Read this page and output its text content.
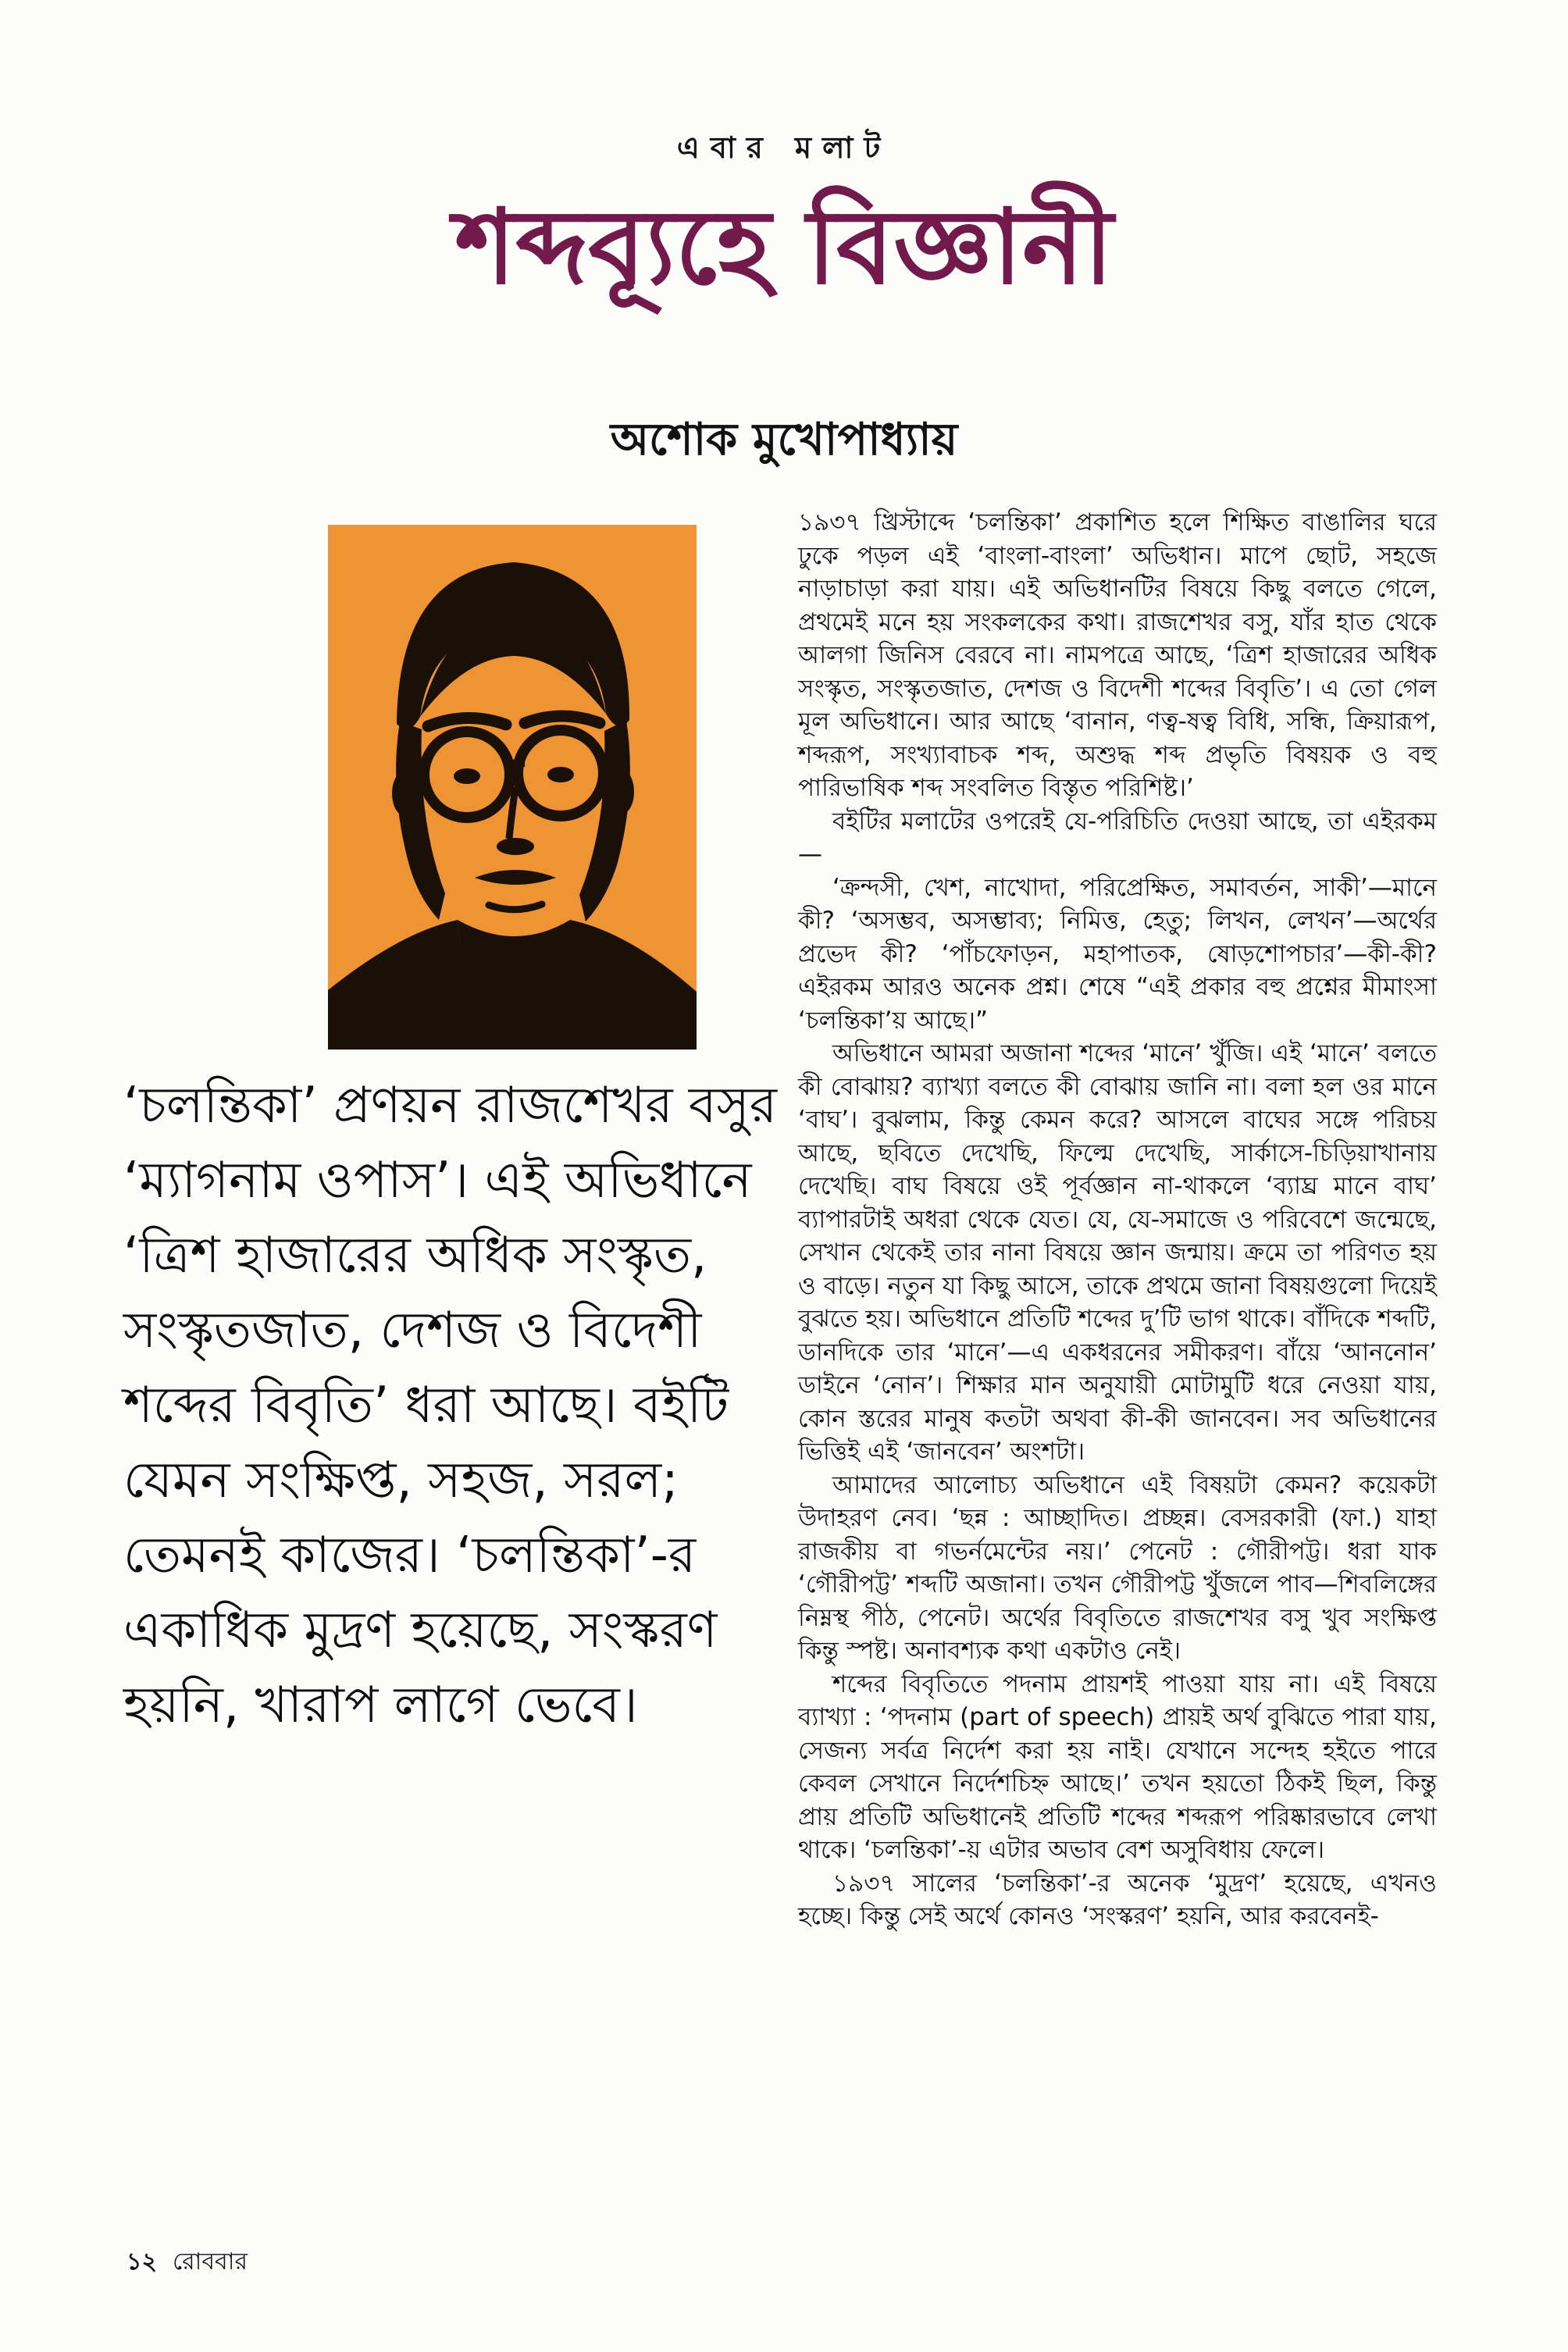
এবার মলাট
শব্দব্যূহে বিজ্ঞানী
অশোক মুখোপাধ্যায়
‘চলন্তিকা’ প্রণয়ন রাজশেখর বসুর ‘ম্যাগনাম ওপাস’। এই অভিধানে ‘ত্রিশ হাজারের অধিক সংস্কৃত, সংস্কৃতজাত, দেশজ ও বিদেশী শব্দের বিবৃতি’ ধরা আছে। বইটি যেমন সংক্ষিপ্ত, সহজ, সরল; তেমনই কাজের। ‘চলন্তিকা’-র একাধিক মুদ্রণ হয়েছে, সংস্করণ হয়নি, খারাপ লাগে ভেবে।

১৯৩৭ খ্রিস্টাব্দে ‘চলন্তিকা’ প্রকাশিত হলে শিক্ষিত বাঙালির ঘরে ঢুকে পড়ল এই ‘বাংলা-বাংলা’ অভিধান। মাপে ছোট, সহজে নাড়াচাড়া করা যায়। এই অভিধানটির বিষয়ে কিছু বলতে গেলে, প্রথমেই মনে হয় সংকলকের কথা। রাজশেখর বসু, যাঁর হাত থেকে আলগা জিনিস বেরবে না। নামপত্রে আছে, ‘ত্রিশ হাজারের অধিক সংস্কৃত, সংস্কৃতজাত, দেশজ ও বিদেশী শব্দের বিবৃতি’। এ তো গেল মূল অভিধানে। আর আছে ‘বানান, ণত্ব-ষত্ব বিধি, সন্ধি, ক্রিয়ারূপ, শব্দরূপ, সংখ্যাবাচক শব্দ, অশুদ্ধ শব্দ প্রভৃতি বিষয়ক ও বহু পারিভাষিক শব্দ সংবলিত বিস্তৃত পরিশিষ্ট।’

বইটির মলাটের ওপরেই যে-পরিচিতি দেওয়া আছে, তা এইরকম—

‘ক্রন্দসী, খেশ, নাখোদা, পরিপ্রেক্ষিত, সমাবর্তন, সাকী’—মানে কী? ‘অসম্ভব, অসম্ভাব্য; নিমিত্ত, হেতু; লিখন, লেখন’—অর্থের প্রভেদ কী? ‘পাঁচফোড়ন, মহাপাতক, ষোড়শোপচার’—কী-কী? এইরকম আরও অনেক প্রশ্ন। শেষে “এই প্রকার বহু প্রশ্নের মীমাংসা ‘চলন্তিকা’য় আছে।”

অভিধানে আমরা অজানা শব্দের ‘মানে’ খুঁজি। এই ‘মানে’ বলতে কী বোঝায়? ব্যাখ্যা বলতে কী বোঝায় জানি না। বলা হল ওর মানে ‘বাঘ’। বুঝলাম, কিন্তু কেমন করে? আসলে বাঘের সঙ্গে পরিচয় আছে, ছবিতে দেখেছি, ফিল্মে দেখেছি, সার্কাসে-চিড়িয়াখানায় দেখেছি। বাঘ বিষয়ে ওই পূর্বজ্ঞান না-থাকলে ‘ব্যাঘ্র মানে বাঘ’ ব্যাপারটাই অধরা থেকে যেত। যে, যে-সমাজে ও পরিবেশে জন্মেছে, সেখান থেকেই তার নানা বিষয়ে জ্ঞান জন্মায়। ক্রমে তা পরিণত হয় ও বাড়ে। নতুন যা কিছু আসে, তাকে প্রথমে জানা বিষয়গুলো দিয়েই বুঝতে হয়। অভিধানে প্রতিটি শব্দের দু’টি ভাগ থাকে। বাঁদিকে শব্দটি, ডানদিকে তার ‘মানে’—এ একধরনের সমীকরণ। বাঁয়ে ‘আননোন’ ডাইনে ‘নোন’। শিক্ষার মান অনুযায়ী মোটামুটি ধরে নেওয়া যায়, কোন স্তরের মানুষ কতটা অথবা কী-কী জানবেন। সব অভিধানের ভিত্তিই এই ‘জানবেন’ অংশটা।

আমাদের আলোচ্য অভিধানে এই বিষয়টা কেমন? কয়েকটা উদাহরণ নেব। ‘ছন্ন : আচ্ছাদিত। প্রচ্ছন্ন। বেসরকারী (ফা.) যাহা রাজকীয় বা গভর্নমেন্টের নয়।’ পেনেট : গৌরীপট্ট। ধরা যাক ‘গৌরীপট্ট’ শব্দটি অজানা। তখন গৌরীপট্ট খুঁজলে পাব—শিবলিঙ্গের নিম্নস্থ পীঠ, পেনেট। অর্থের বিবৃতিতে রাজশেখর বসু খুব সংক্ষিপ্ত কিন্তু স্পষ্ট। অনাবশ্যক কথা একটাও নেই।

শব্দের বিবৃতিতে পদনাম প্রায়শই পাওয়া যায় না। এই বিষয়ে ব্যাখ্যা : ‘পদনাম (part of speech) প্রায়ই অর্থ বুঝিতে পারা যায়, সেজন্য সর্বত্র নির্দেশ করা হয় নাই। যেখানে সন্দেহ হইতে পারে কেবল সেখানে নির্দেশচিহ্ন আছে।’ তখন হয়তো ঠিকই ছিল, কিন্তু প্রায় প্রতিটি অভিধানেই প্রতিটি শব্দের শব্দরূপ পরিষ্কারভাবে লেখা থাকে। ‘চলন্তিকা’-য় এটার অভাব বেশ অসুবিধায় ফেলে।

১৯৩৭ সালের ‘চলন্তিকা’-র অনেক ‘মুদ্রণ’ হয়েছে, এখনও হচ্ছে। কিন্তু সেই অর্থে কোনও ‘সংস্করণ’ হয়নি, আর করবেনই-

১২ রোববার
